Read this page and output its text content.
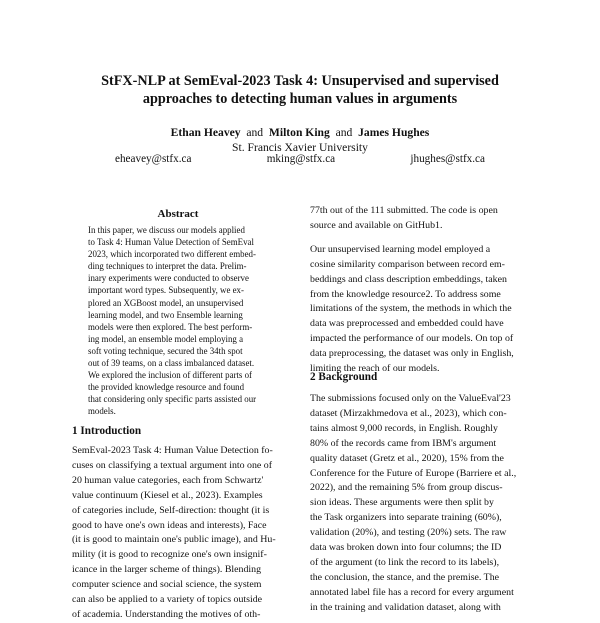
StFX-NLP at SemEval-2023 Task 4: Unsupervised and supervised
approaches to detecting human values in arguments
Ethan Heavey and Milton King and James Hughes
St. Francis Xavier University
eheavey@stfx.ca	mking@stfx.ca	jhughes@stfx.ca
Abstract
In this paper, we discuss our models applied
to Task 4: Human Value Detection of SemEval
2023, which incorporated two different embed-
ding techniques to interpret the data. Prelim-
inary experiments were conducted to observe
important word types. Subsequently, we ex-
plored an XGBoost model, an unsupervised
learning model, and two Ensemble learning
models were then explored. The best perform-
ing model, an ensemble model employing a
soft voting technique, secured the 34th spot
out of 39 teams, on a class imbalanced dataset.
We explored the inclusion of different parts of
the provided knowledge resource and found
that considering only specific parts assisted our
models.
1 Introduction
SemEval-2023 Task 4: Human Value Detection fo-
cuses on classifying a textual argument into one of
20 human value categories, each from Schwartz'
value continuum (Kiesel et al., 2023). Examples
of categories include, Self-direction: thought (it is
good to have one's own ideas and interests), Face
(it is good to maintain one's public image), and Hu-
mility (it is good to recognize one's own insignif-
icance in the larger scheme of things). Blending
computer science and social science, the system
can also be applied to a variety of topics outside
of academia. Understanding the motives of oth-
77th out of the 111 submitted. The code is open
source and available on GitHub1.
Our unsupervised learning model employed a
cosine similarity comparison between record em-
beddings and class description embeddings, taken
from the knowledge resource2. To address some
limitations of the system, the methods in which the
data was preprocessed and embedded could have
impacted the performance of our models. On top of
data preprocessing, the dataset was only in English,
limiting the reach of our models.
2 Background
The submissions focused only on the ValueEval'23
dataset (Mirzakhmedova et al., 2023), which con-
tains almost 9,000 records, in English. Roughly
80% of the records came from IBM's argument
quality dataset (Gretz et al., 2020), 15% from the
Conference for the Future of Europe (Barriere et al.,
2022), and the remaining 5% from group discus-
sion ideas. These arguments were then split by
the Task organizers into separate training (60%),
validation (20%), and testing (20%) sets. The raw
data was broken down into four columns; the ID
of the argument (to link the record to its labels),
the conclusion, the stance, and the premise. The
annotated label file has a record for every argument
in the training and validation dataset, along with
